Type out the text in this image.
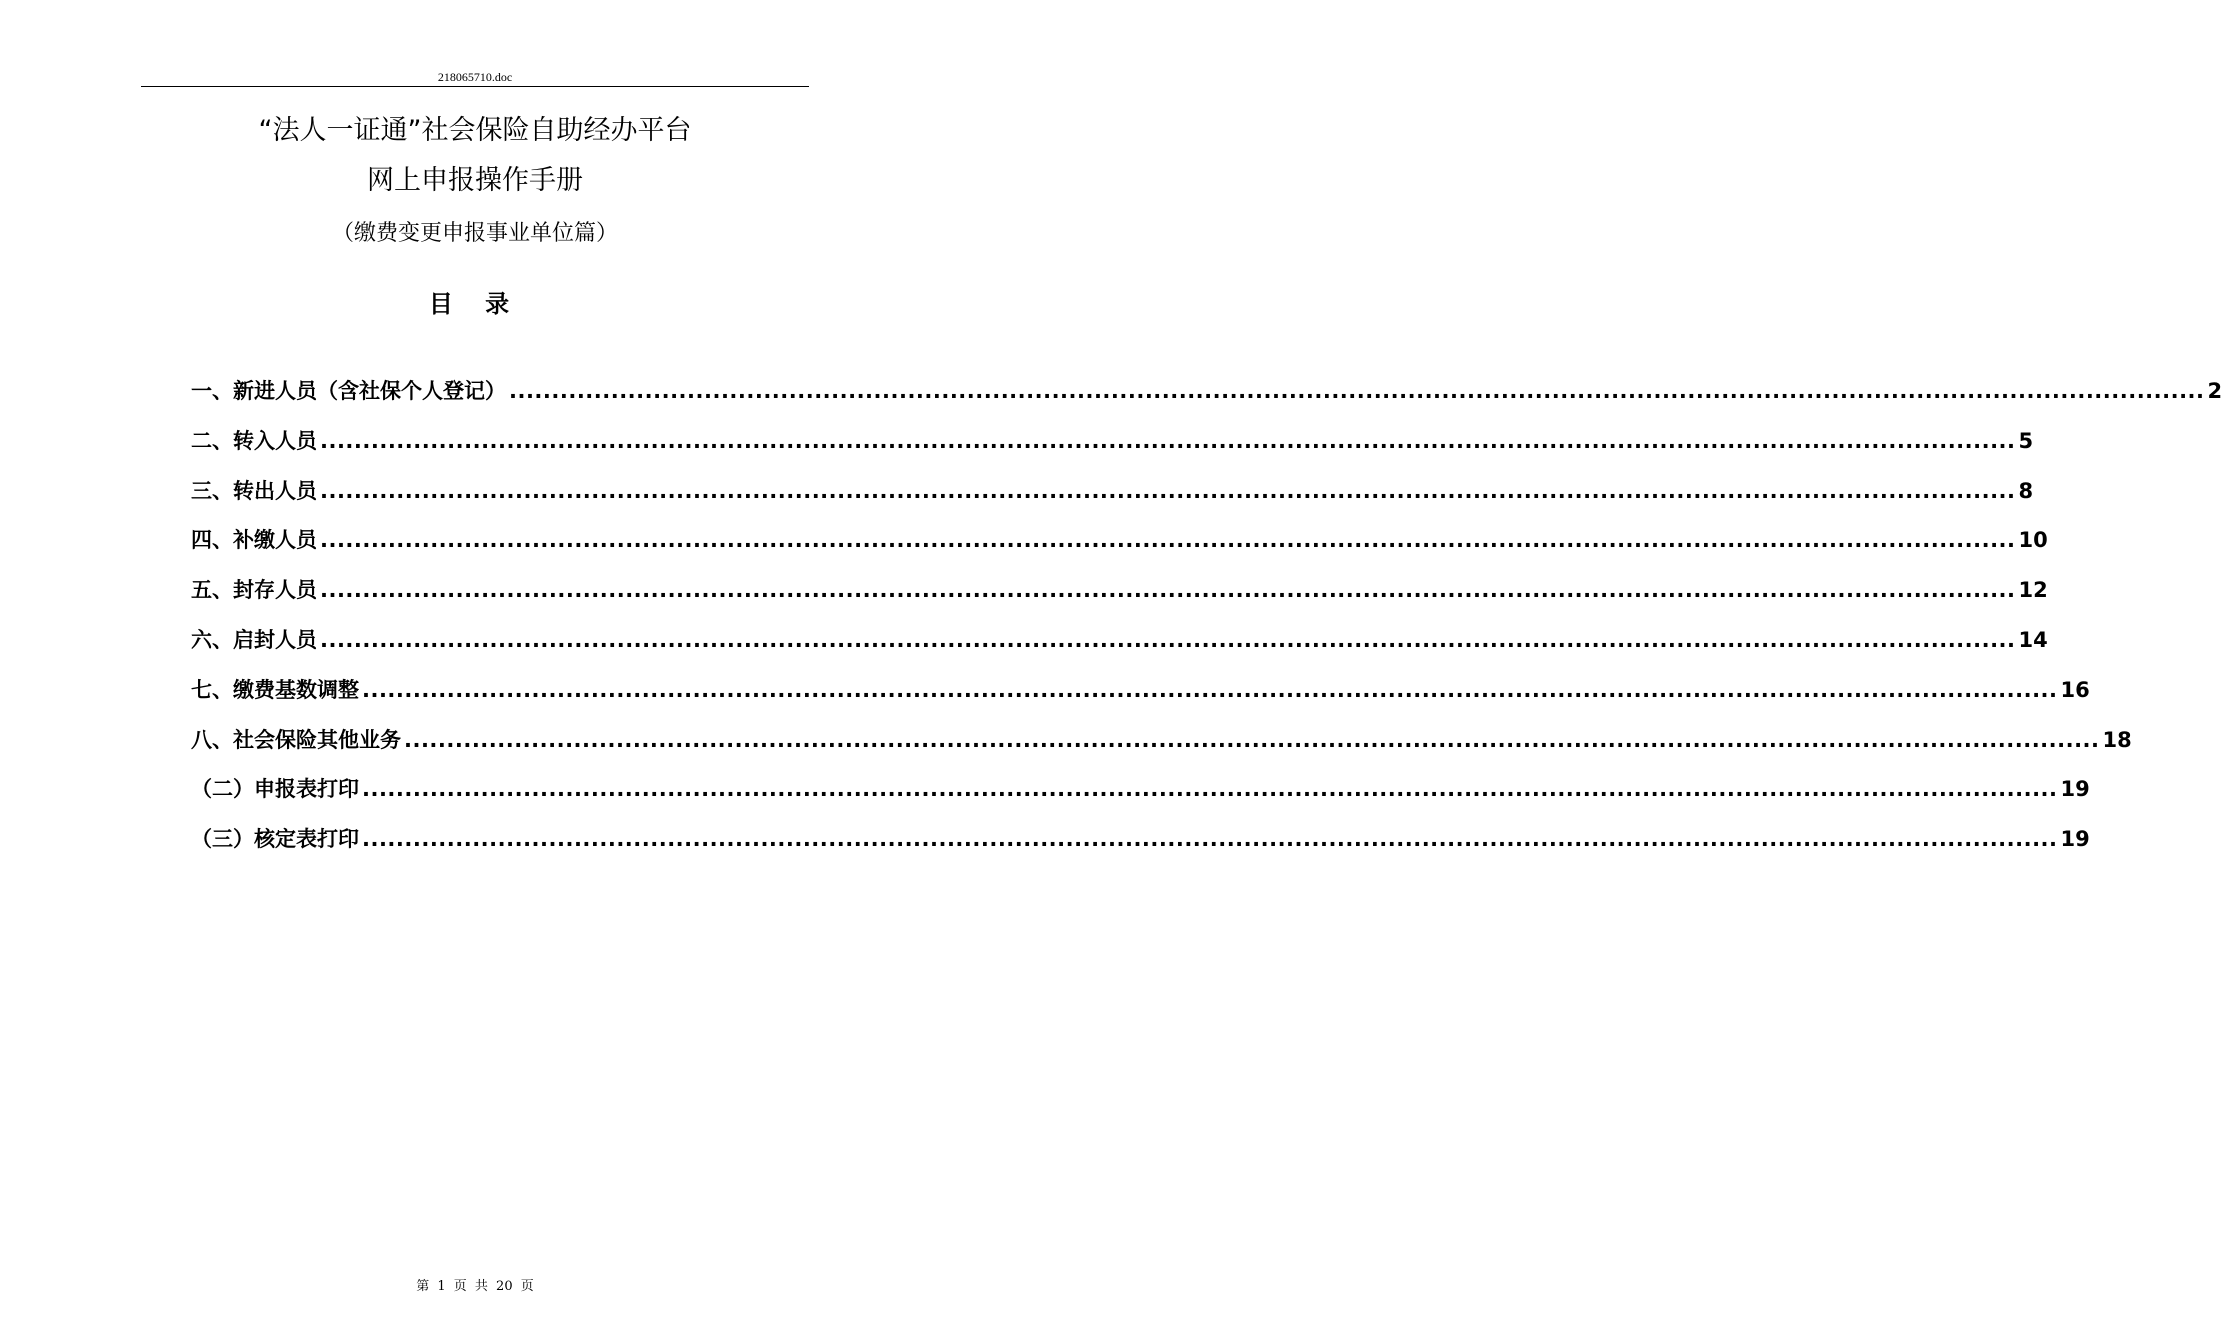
218065710.doc
“法人一证通”社会保险自助经办平台
网上申报操作手册
（缴费变更申报事业单位篇）
目 录
一、新进人员（含社保个人登记） ........................................................................................................................................................................................................ 2
二、转入人员 ........................................................................................................................................................................................................ 5
三、转出人员 ........................................................................................................................................................................................................ 8
四、补缴人员 ........................................................................................................................................................................................................ 10
五、封存人员 ........................................................................................................................................................................................................ 12
六、启封人员 ........................................................................................................................................................................................................ 14
七、缴费基数调整 ........................................................................................................................................................................................................ 16
八、社会保险其他业务 ........................................................................................................................................................................................................ 18
（二）申报表打印 ........................................................................................................................................................................................................ 19
（三）核定表打印 ........................................................................................................................................................................................................ 19
第 1 页 共 20 页
